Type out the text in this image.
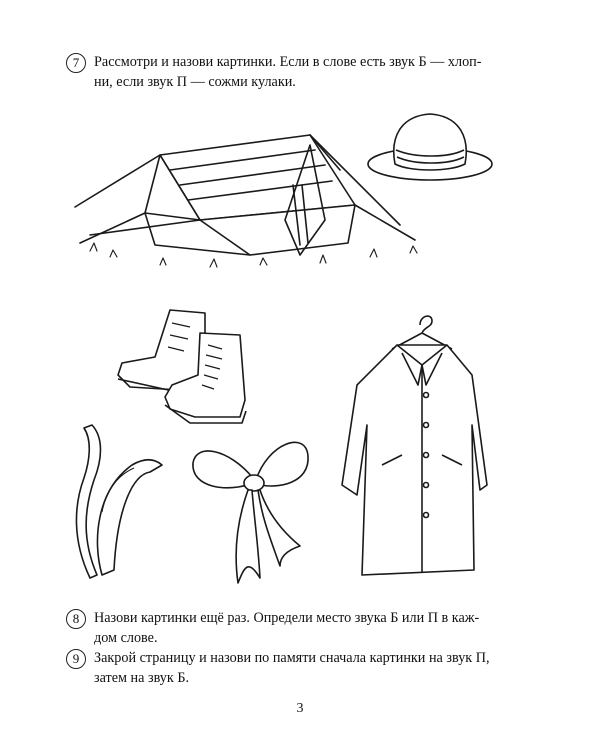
7	Рассмотри и назови картинки. Если в слове есть звук Б — хлоп-
ни, если звук П — сожми кулаки.
8	Назови картинки ещё раз. Определи место звука Б или П в каж-
дом слове.
9	Закрой страницу и назови по памяти сначала картинки на звук П,
затем на звук Б.
3
